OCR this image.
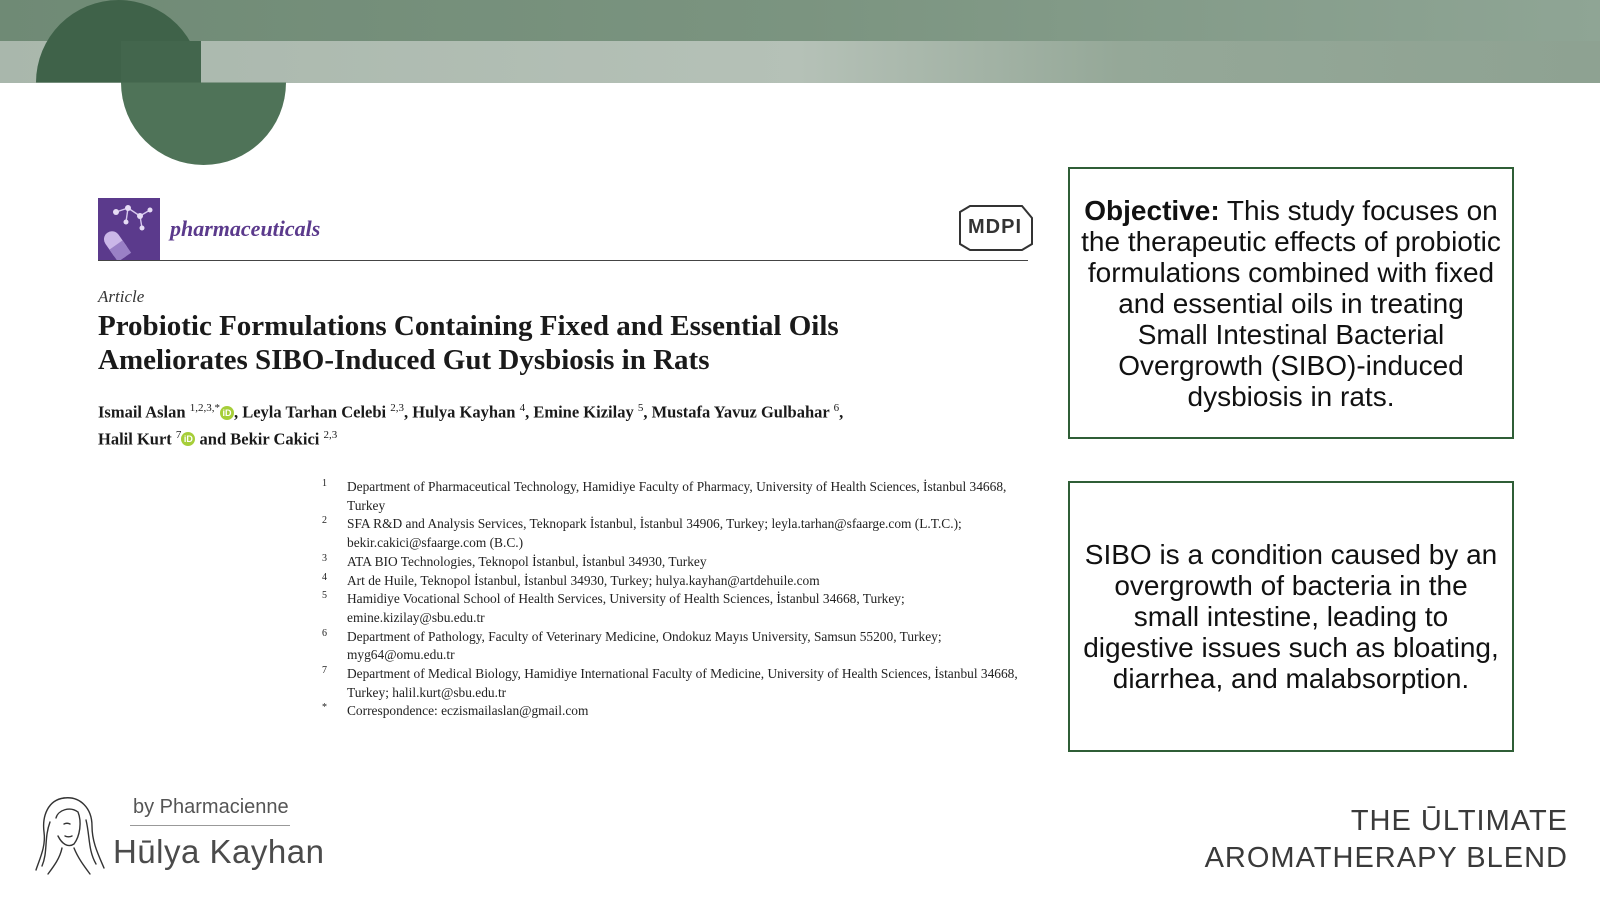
pharmaceuticals	MDPI
Article
Probiotic Formulations Containing Fixed and Essential Oils
Ameliorates SIBO-Induced Gut Dysbiosis in Rats
Ismail Aslan $^{1,2,3,*}$ iD , Leyla Tarhan Celebi $^{2,3}$, Hulya Kayhan $^4$, Emine Kizilay $^5$, Mustafa Yavuz Gulbahar $^6$,
Halil Kurt $^7$ iD and Bekir Cakici $^{2,3}$
1 Department of Pharmaceutical Technology, Hamidiye Faculty of Pharmacy, University of Health Sciences, İstanbul 34668, Turkey
2 SFA R&D and Analysis Services, Teknopark İstanbul, İstanbul 34906, Turkey; leyla.tarhan@sfaarge.com (L.T.C.); bekir.cakici@sfaarge.com (B.C.)
3 ATA BIO Technologies, Teknopol İstanbul, İstanbul 34930, Turkey
4 Art de Huile, Teknopol İstanbul, İstanbul 34930, Turkey; hulya.kayhan@artdehuile.com
5 Hamidiye Vocational School of Health Services, University of Health Sciences, İstanbul 34668, Turkey; emine.kizilay@sbu.edu.tr
6 Department of Pathology, Faculty of Veterinary Medicine, Ondokuz Mayıs University, Samsun 55200, Turkey; myg64@omu.edu.tr
7 Department of Medical Biology, Hamidiye International Faculty of Medicine, University of Health Sciences, İstanbul 34668, Turkey; halil.kurt@sbu.edu.tr
* Correspondence: eczismailaslan@gmail.com
Objective: This study focuses on the therapeutic effects of probiotic formulations combined with fixed and essential oils in treating Small Intestinal Bacterial Overgrowth (SIBO)-induced dysbiosis in rats.
SIBO is a condition caused by an overgrowth of bacteria in the small intestine, leading to digestive issues such as bloating, diarrhea, and malabsorption.
by Pharmacienne
Hūlya Kayhan
THE ŪLTIMATE
AROMATHERAPY BLEND
